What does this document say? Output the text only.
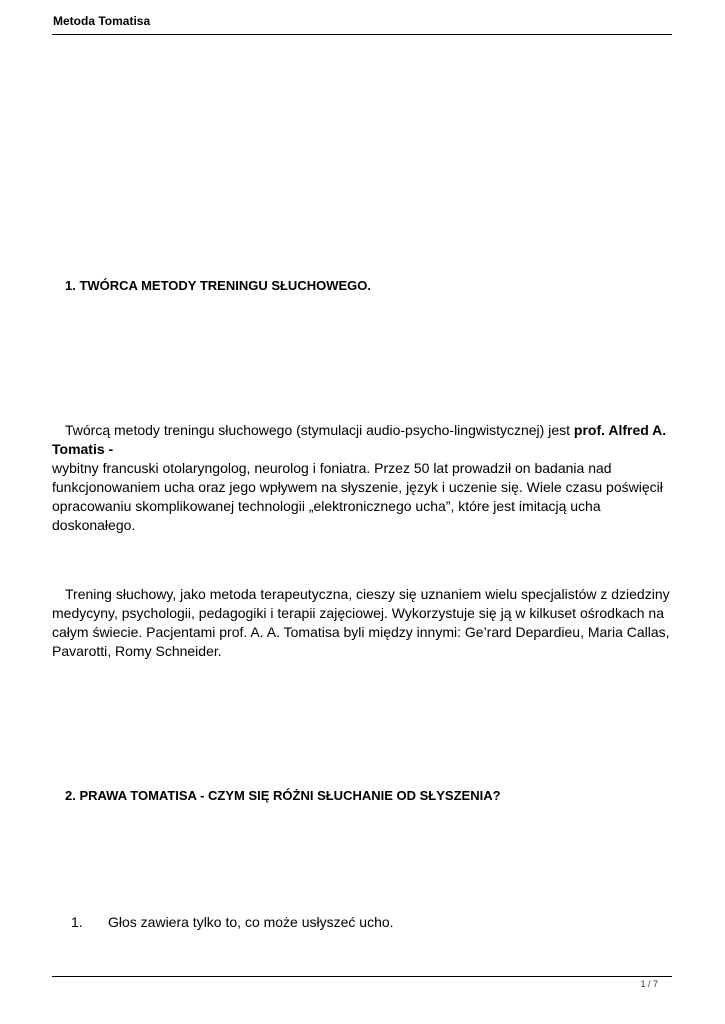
Metoda Tomatisa
1. TWÓRCA METODY TRENINGU SŁUCHOWEGO.
Twórcą metody treningu słuchowego (stymulacji audio-psycho-lingwistycznej) jest prof. Alfred A. Tomatis -
wybitny francuski otolaryngolog, neurolog i foniatra. Przez 50 lat prowadził on badania nad funkcjonowaniem ucha oraz jego wpływem na słyszenie, język i uczenie się. Wiele czasu poświęcił opracowaniu skomplikowanej technologii „elektronicznego ucha”, które jest imitacją ucha doskonałego.
Trening słuchowy, jako metoda terapeutyczna, cieszy się uznaniem wielu specjalistów z dziedziny medycyny, psychologii, pedagogiki i terapii zajęciowej. Wykorzystuje się ją w kilkuset ośrodkach na całym świecie. Pacjentami prof. A. A. Tomatisa byli między innymi: Ge’rard Depardieu, Maria Callas, Pavarotti, Romy Schneider.
2. PRAWA TOMATISA - CZYM SIĘ RÓŻNI SŁUCHANIE OD SŁYSZENIA?
1. Głos zawiera tylko to, co może usłyszeć ucho.
1 / 7
